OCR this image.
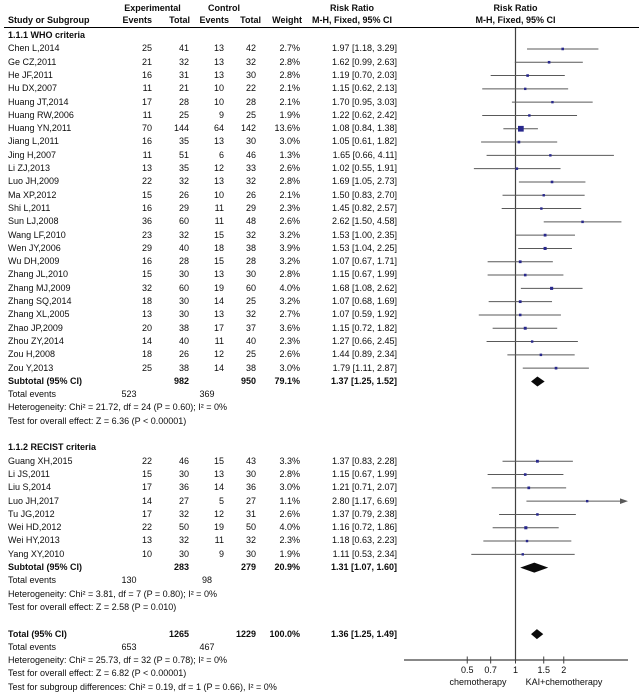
Experimental	Control	Risk Ratio	Risk Ratio
Study or Subgroup	Events	Total	Events	Total	Weight	M-H, Fixed, 95% CI	M-H, Fixed, 95% CI
1.1.1 WHO criteria
Chen L,2014	25	41	13	42	2.7%	1.97 [1.18, 3.29]
Ge CZ,2011	21	32	13	32	2.8%	1.62 [0.99, 2.63]
He JF,2011	16	31	13	30	2.8%	1.19 [0.70, 2.03]
Hu DX,2007	11	21	10	22	2.1%	1.15 [0.62, 2.13]
Huang JT,2014	17	28	10	28	2.1%	1.70 [0.95, 3.03]
Huang RW,2006	11	25	9	25	1.9%	1.22 [0.62, 2.42]
Huang YN,2011	70	144	64	142	13.6%	1.08 [0.84, 1.38]
Jiang L,2011	16	35	13	30	3.0%	1.05 [0.61, 1.82]
Jing H,2007	11	51	6	46	1.3%	1.65 [0.66, 4.11]
Li ZJ,2013	13	35	12	33	2.6%	1.02 [0.55, 1.91]
Luo JH,2009	22	32	13	32	2.8%	1.69 [1.05, 2.73]
Ma XP,2012	15	26	10	26	2.1%	1.50 [0.83, 2.70]
Shi L,2011	16	29	11	29	2.3%	1.45 [0.82, 2.57]
Sun LJ,2008	36	60	11	48	2.6%	2.62 [1.50, 4.58]
Wang LF,2010	23	32	15	32	3.2%	1.53 [1.00, 2.35]
Wen JY,2006	29	40	18	38	3.9%	1.53 [1.04, 2.25]
Wu DH,2009	16	28	15	28	3.2%	1.07 [0.67, 1.71]
Zhang JL,2010	15	30	13	30	2.8%	1.15 [0.67, 1.99]
Zhang MJ,2009	32	60	19	60	4.0%	1.68 [1.08, 2.62]
Zhang SQ,2014	18	30	14	25	3.2%	1.07 [0.68, 1.69]
Zhang XL,2005	13	30	13	32	2.7%	1.07 [0.59, 1.92]
Zhao JP,2009	20	38	17	37	3.6%	1.15 [0.72, 1.82]
Zhou ZY,2014	14	40	11	40	2.3%	1.27 [0.66, 2.45]
Zou H,2008	18	26	12	25	2.6%	1.44 [0.89, 2.34]
Zou Y,2013	25	38	14	38	3.0%	1.79 [1.11, 2.87]
Subtotal (95% CI)	982	950	79.1%	1.37 [1.25, 1.52]
Total events	523	369
Heterogeneity: Chi² = 21.72, df = 24 (P = 0.60); I² = 0%
Test for overall effect: Z = 6.36 (P < 0.00001)
1.1.2 RECIST criteria
Guang XH,2015	22	46	15	43	3.3%	1.37 [0.83, 2.28]
Li JS,2011	15	30	13	30	2.8%	1.15 [0.67, 1.99]
Liu S,2014	17	36	14	36	3.0%	1.21 [0.71, 2.07]
Luo JH,2017	14	27	5	27	1.1%	2.80 [1.17, 6.69]
Tu JG,2012	17	32	12	31	2.6%	1.37 [0.79, 2.38]
Wei HD,2012	22	50	19	50	4.0%	1.16 [0.72, 1.86]
Wei HY,2013	13	32	11	32	2.3%	1.18 [0.63, 2.23]
Yang XY,2010	10	30	9	30	1.9%	1.11 [0.53, 2.34]
Subtotal (95% CI)	283	279	20.9%	1.31 [1.07, 1.60]
Total events	130	98
Heterogeneity: Chi² = 3.81, df = 7 (P = 0.80); I² = 0%
Test for overall effect: Z = 2.58 (P = 0.010)
Total (95% CI)	1265	1229	100.0%	1.36 [1.25, 1.49]
Total events	653	467
Heterogeneity: Chi² = 25.73, df = 32 (P = 0.78); I² = 0%
Test for overall effect: Z = 6.82 (P < 0.00001)
Test for subgroup differences: Chi² = 0.19, df = 1 (P = 0.66), I² = 0%
0.5 0.7 1 1.5 2
chemotherapy KAI+chemotherapy
